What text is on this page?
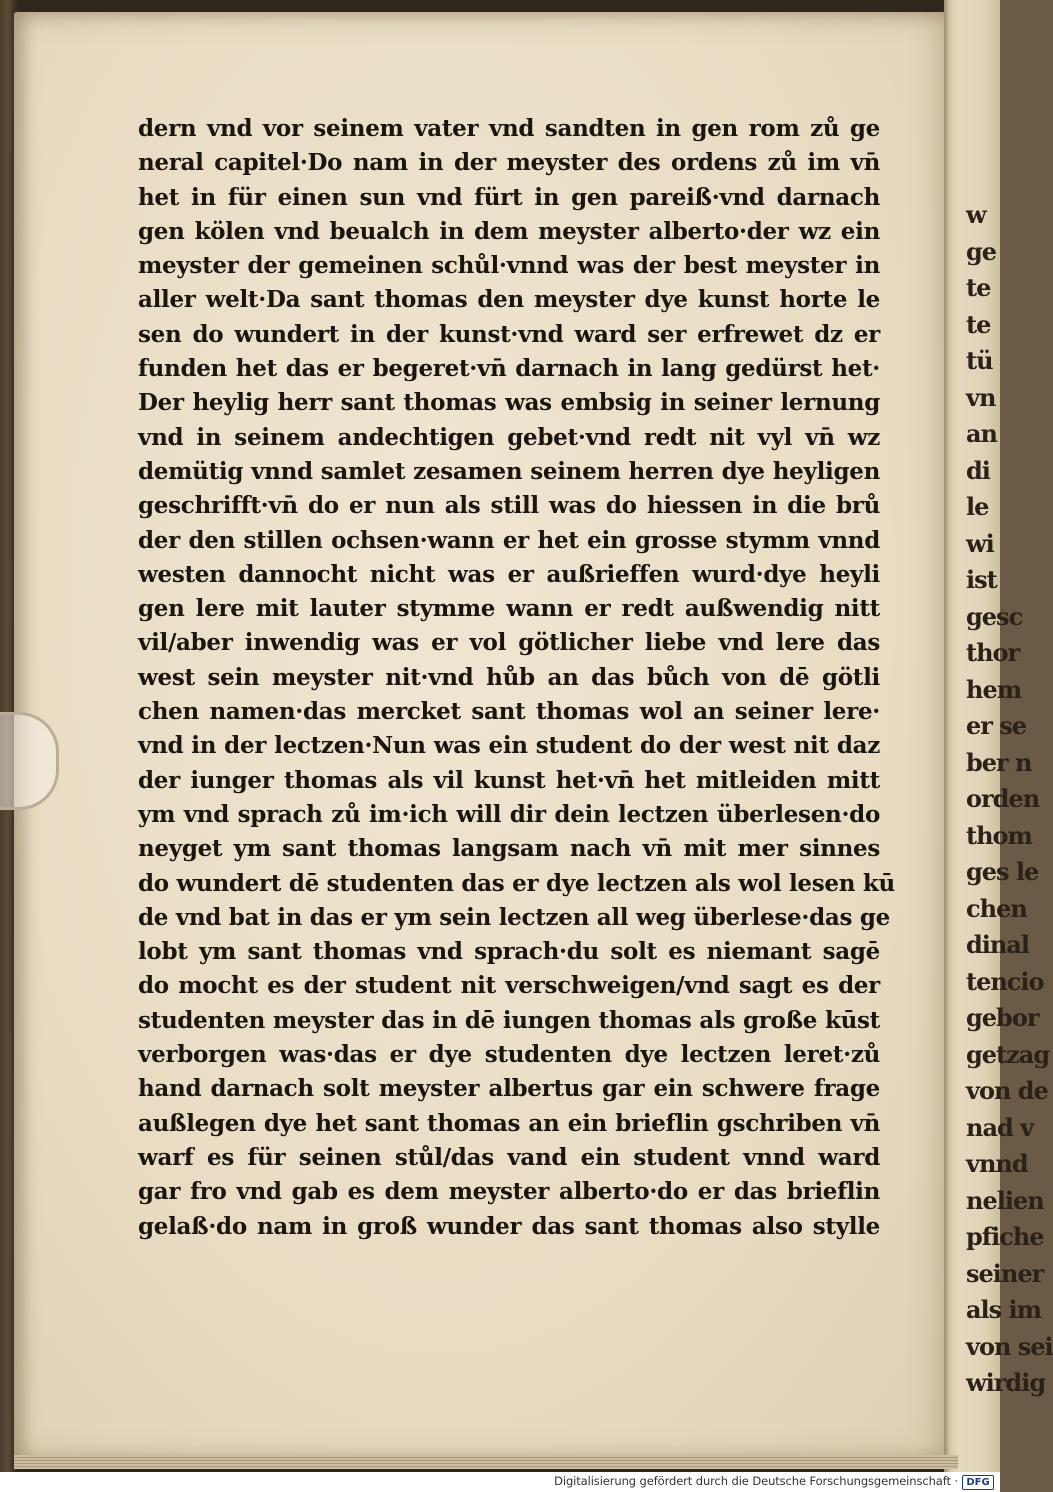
w
ge
te
te
tü
vn
an
di
le
wi
ist
gesc
thor
hem
er se
ber n
orden
thom
ges le
chen
dinal
tencio
gebor
getzag
von de
nad v
vnnd
nelien
pfiche
seiner
als im
von sei
wirdig
dern vnd vor seinem vater vnd sandten in gen rom zů ge
neral capitel·Do nam in der meyster des ordens zů im vn̄
het in für einen sun vnd fürt in gen pareiß·vnd darnach
gen kölen vnd beualch in dem meyster alberto·der wz ein
meyster der gemeinen schůl·vnnd was der best meyster in
aller welt·Da sant thomas den meyster dye kunst horte le
sen do wundert in der kunst·vnd ward ser erfrewet dz er
funden het das er begeret·vn̄ darnach in lang gedürst het·
Der heylig herr sant thomas was embsig in seiner lernung
vnd in seinem andechtigen gebet·vnd redt nit vyl vn̄ wz
demütig vnnd samlet zesamen seinem herren dye heyligen
geschrifft·vn̄ do er nun als still was do hiessen in die brů
der den stillen ochsen·wann er het ein grosse stymm vnnd
westen dannocht nicht was er außrieffen wurd·dye heyli
gen lere mit lauter stymme wann er redt außwendig nitt
vil/aber inwendig was er vol götlicher liebe vnd lere das
west sein meyster nit·vnd hůb an das bůch von dē götli
chen namen·das mercket sant thomas wol an seiner lere·
vnd in der lectzen·Nun was ein student do der west nit daz
der iunger thomas als vil kunst het·vn̄ het mitleiden mitt
ym vnd sprach zů im·ich will dir dein lectzen überlesen·do
neyget ym sant thomas langsam nach vn̄ mit mer sinnes
do wundert dē studenten das er dye lectzen als wol lesen kū
de vnd bat in das er ym sein lectzen all weg überlese·das ge
lobt ym sant thomas vnd sprach·du solt es niemant sagē
do mocht es der student nit verschweigen/vnd sagt es der
studenten meyster das in dē iungen thomas als große kūst
verborgen was·das er dye studenten dye lectzen leret·zů
hand darnach solt meyster albertus gar ein schwere frage
außlegen dye het sant thomas an ein brieflin gschriben vn̄
warf es für seinen stůl/das vand ein student vnnd ward
gar fro vnd gab es dem meyster alberto·do er das brieflin
gelaß·do nam in groß wunder das sant thomas also stylle
Digitalisierung gefördert durch die Deutsche Forschungsgemeinschaft · DFG
